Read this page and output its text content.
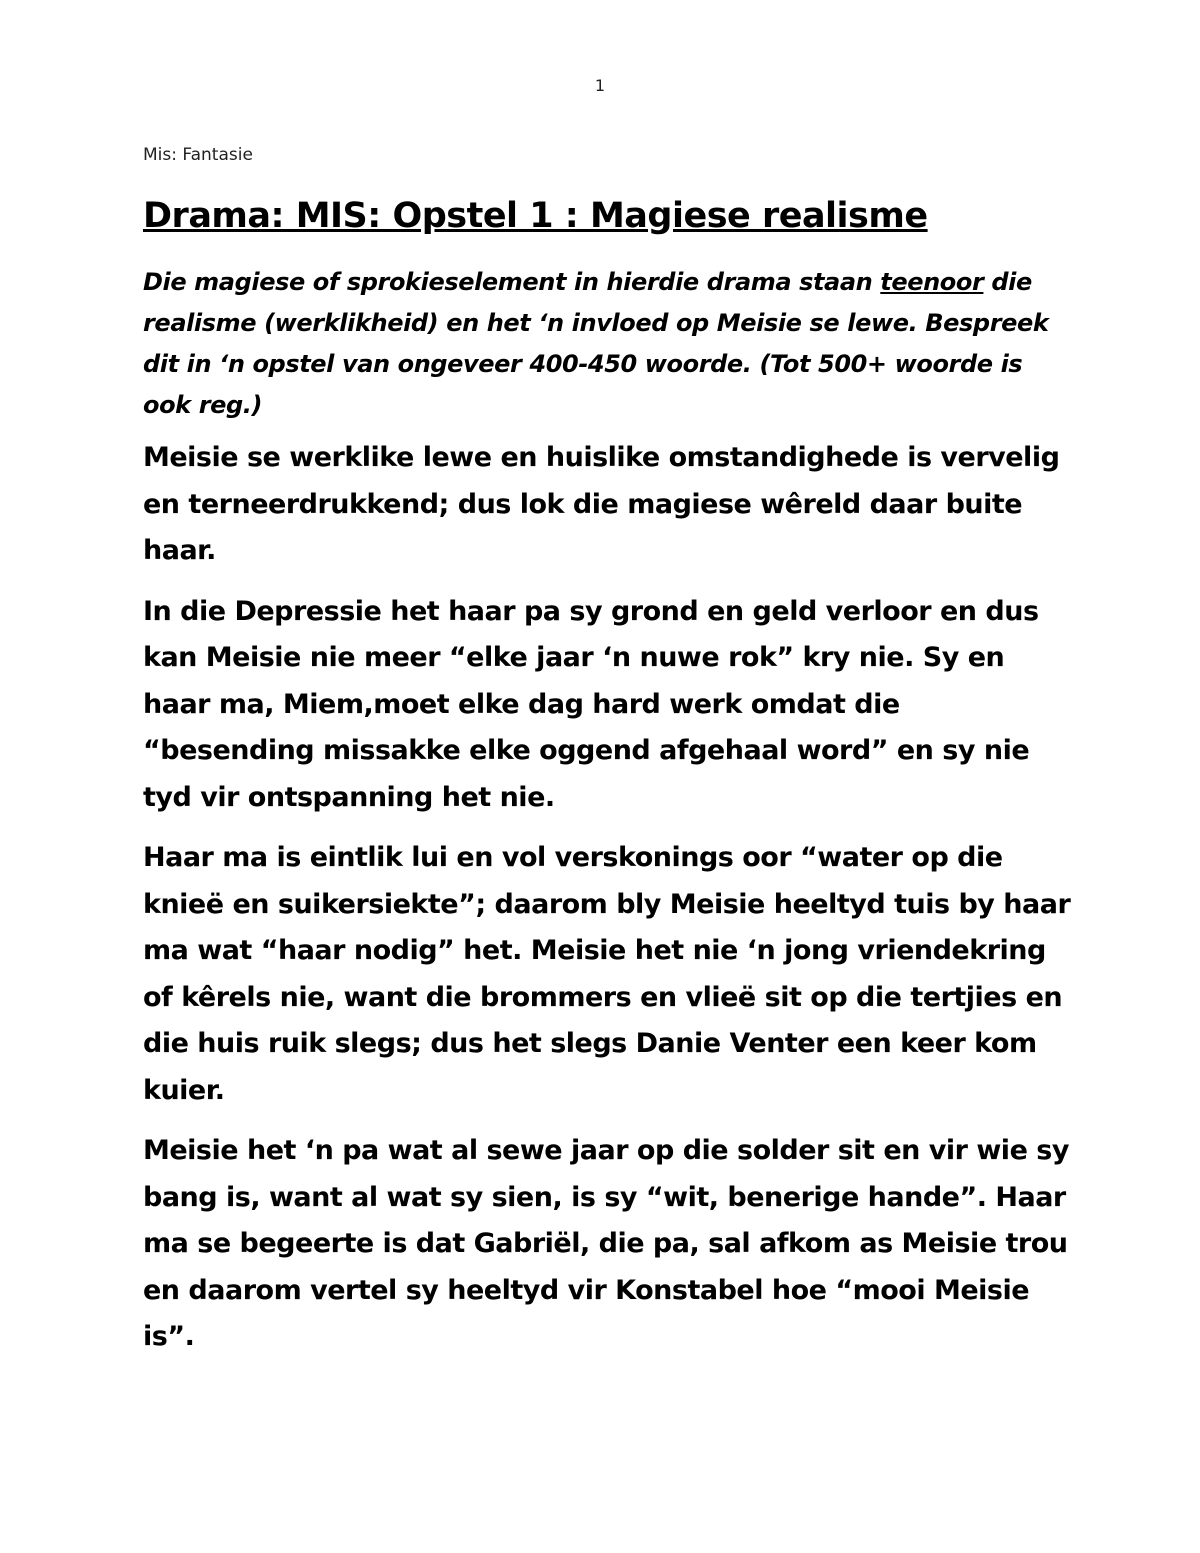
1
Mis: Fantasie
Drama: MIS: Opstel 1 : Magiese realisme

Die magiese of sprokieselement in hierdie drama staan teenoor die realisme (werklikheid) en het ‘n invloed op Meisie se lewe. Bespreek dit in ‘n opstel van ongeveer 400-450 woorde. (Tot 500+ woorde is ook reg.)

Meisie se werklike lewe en huislike omstandighede is vervelig en terneerdrukkend; dus lok die magiese wêreld daar buite haar.

In die Depressie het haar pa sy grond en geld verloor en dus kan Meisie nie meer “elke jaar ‘n nuwe rok” kry nie. Sy en haar ma, Miem,moet elke dag hard werk omdat die “besending missakke elke oggend afgehaal word” en sy nie tyd vir ontspanning het nie.

Haar ma is eintlik lui en vol verskonings oor “water op die knieë en suikersiekte”; daarom bly Meisie heeltyd tuis by haar ma wat “haar nodig” het. Meisie het nie ‘n jong vriendekring of kêrels nie, want die brommers en vlieë sit op die tertjies en die huis ruik slegs; dus het slegs Danie Venter een keer kom kuier.

Meisie het ‘n pa wat al sewe jaar op die solder sit en vir wie sy bang is, want al wat sy sien, is sy “wit, benerige hande”. Haar ma se begeerte is dat Gabriël, die pa, sal afkom as Meisie trou en daarom vertel sy heeltyd vir Konstabel hoe “mooi Meisie is”.
